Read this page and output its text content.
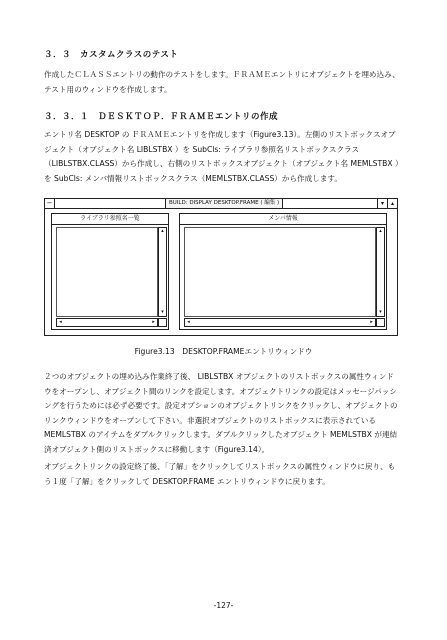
３．３　カスタムクラスのテスト
作成したＣＬＡＳＳエントリの動作のテストをします。ＦＲＡＭＥエントリにオブジェクトを埋め込み、テスト用のウィンドウを作成します。
３．３．１　ＤＥＳＫＴＯＰ．ＦＲＡＭＥエントリの作成
エントリ名 DESKTOP の ＦＲＡＭＥエントリを作成します（Figure3.13）。左側のリストボックスオブジェクト（オブジェクト名 LIBLSTBX ）を SubCls: ライブラリ参照名リストボックスクラス（LIBLSTBX.CLASS）から作成し、右側のリストボックスオブジェクト（オブジェクト名 MEMLSTBX ）を SubCls: メンバ情報リストボックスクラス（MEMLSTBX.CLASS）から作成します。
−	BUILD: DISPLAY DESKTOP.FRAME ( 編集 )	▾	▴
ライブラリ参照名一覧
▴
▾
◂	▸
メンバ情報
▴
▾
◂	▸
Figure3.13　DESKTOP.FRAMEエントリウィンドウ
２つのオブジェクトの埋め込み作業終了後、 LIBLSTBX オブジェクトのリストボックスの属性ウィンドウをオープンし、オブジェクト間のリンクを設定します。オブジェクトリンクの設定はメッセージパッシングを行うためには必ず必要です。設定オプションのオブジェクトリンクをクリックし、オブジェクトのリンクウィンドウをオープンして下さい。非選択オブジェクトのリストボックスに表示されている MEMLSTBX のアイテムをダブルクリックします。ダブルクリックしたオブジェクト MEMLSTBX が連結済オブジェクト側のリストボックスに移動します（Figure3.14）。
オブジェクトリンクの設定終了後、「了解」をクリックしてリストボックスの属性ウィンドウに戻り、もう１度「了解」をクリックして DESKTOP.FRAME エントリウィンドウに戻ります。
-127-
